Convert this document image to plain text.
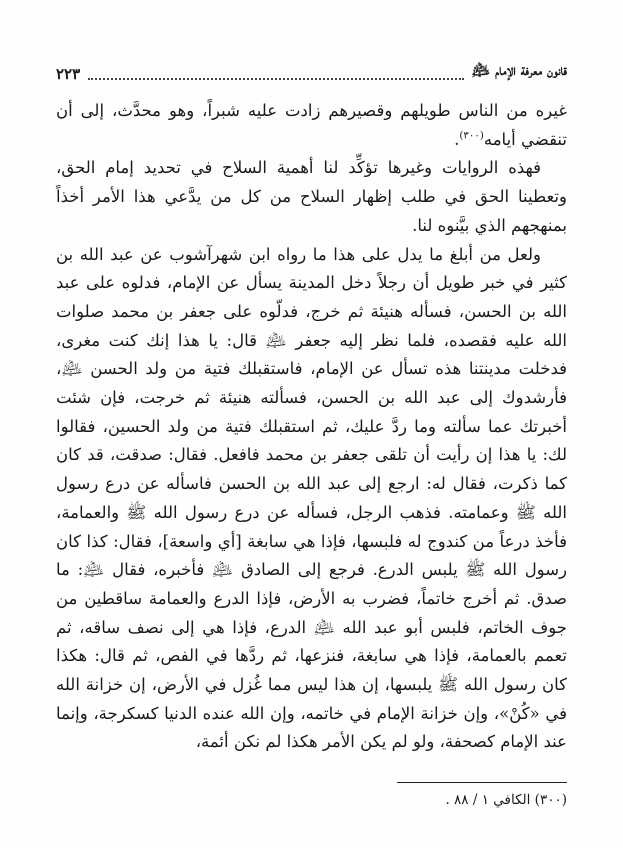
قانون معرفة الإمام ﵇
٢٢٣

غيره من الناس طويلهم وقصيرهم زادت عليه شبراً، وهو محدَّث، إلى أن تنقضي أيامه$^{(٣٠٠)}$.

فهذه الروايات وغيرها تؤكِّد لنا أهمية السلاح في تحديد إمام الحق، وتعطينا الحق في طلب إظهار السلاح من كل من يدَّعي هذا الأمر أخذاً بمنهجهم الذي بيَّنوه لنا.

ولعل من أبلغ ما يدل على هذا ما رواه ابن شهرآشوب عن عبد الله بن كثير في خبر طويل أن رجلاً دخل المدينة يسأل عن الإمام، فدلوه على عبد الله بن الحسن، فسأله هنيئة ثم خرج، فدلّوه على جعفر بن محمد صلوات الله عليه فقصده، فلما نظر إليه جعفر ﵇ قال: يا هذا إنك كنت مغرى، فدخلت مدينتنا هذه تسأل عن الإمام، فاستقبلك فتية من ولد الحسن ﵇، فأرشدوك إلى عبد الله بن الحسن، فسألته هنيئة ثم خرجت، فإن شئت أخبرتك عما سألته وما ردَّ عليك، ثم استقبلك فتية من ولد الحسين، فقالوا لك: يا هذا إن رأيت أن تلقى جعفر بن محمد فافعل. فقال: صدقت، قد كان كما ذكرت، فقال له: ارجع إلى عبد الله بن الحسن فاسأله عن درع رسول الله ﷺ وعمامته. فذهب الرجل، فسأله عن درع رسول الله ﷺ والعمامة، فأخذ درعاً من كندوج له فلبسها، فإذا هي سابغة [أي واسعة]، فقال: كذا كان رسول الله ﷺ يلبس الدرع. فرجع إلى الصادق ﵇ فأخبره، فقال ﵇: ما صدق. ثم أخرج خاتماً، فضرب به الأرض، فإذا الدرع والعمامة ساقطين من جوف الخاتم، فلبس أبو عبد الله ﵇ الدرع، فإذا هي إلى نصف ساقه، ثم تعمم بالعمامة، فإذا هي سابغة، فنزعها، ثم ردَّها في الفص، ثم قال: هكذا كان رسول الله ﷺ يلبسها، إن هذا ليس مما غُزل في الأرض، إن خزانة الله في «كُنْ»، وإن خزانة الإمام في خاتمه، وإن الله عنده الدنيا كسكرجة، وإنما عند الإمام كصحفة، ولو لم يكن الأمر هكذا لم نكن أئمة،

(٣٠٠) الكافي ١ / ٨٨ .
